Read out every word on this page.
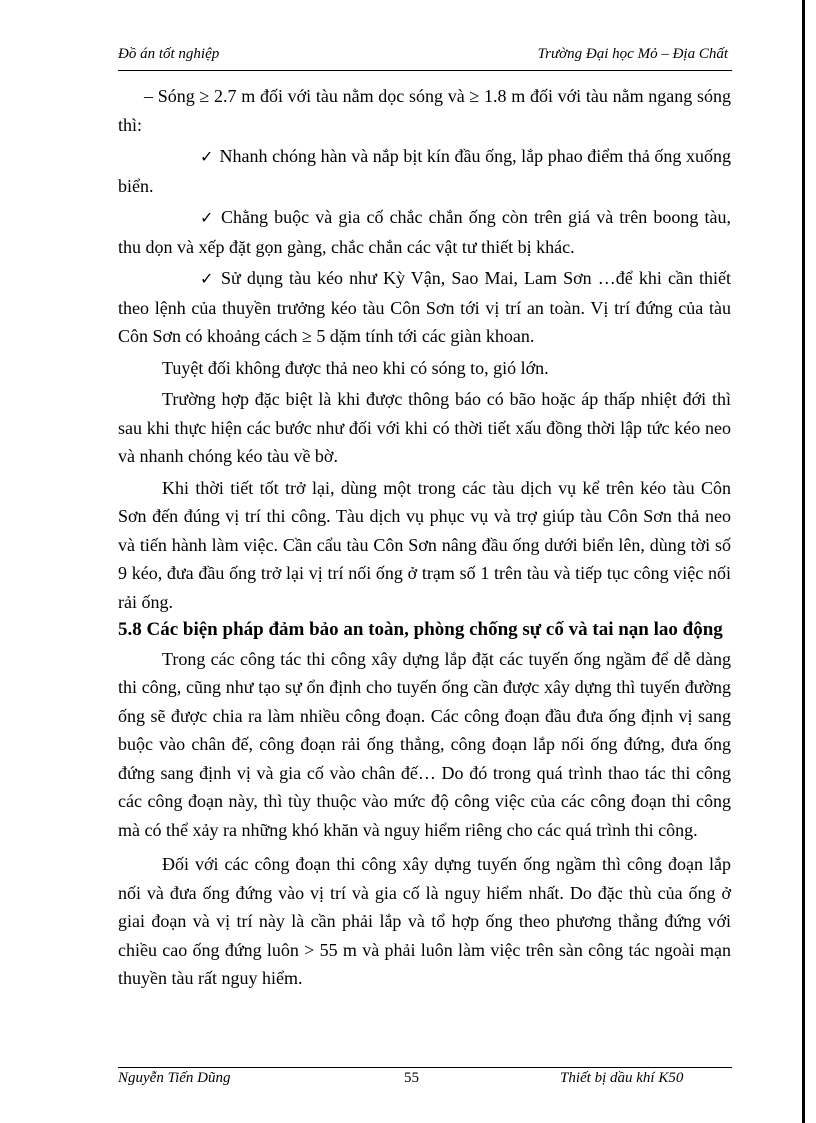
Đồ án tốt nghiệp	Trường Đại học Mỏ – Địa Chất

– Sóng ≥ 2.7 m đối với tàu nằm dọc sóng và ≥ 1.8 m đối với tàu nằm ngang sóng thì:

✓ Nhanh chóng hàn và nắp bịt kín đầu ống, lắp phao điểm thả ống xuống biển.

✓ Chằng buộc và gia cố chắc chắn ống còn trên giá và trên boong tàu, thu dọn và xếp đặt gọn gàng, chắc chắn các vật tư thiết bị khác.

✓ Sử dụng tàu kéo như Kỳ Vận, Sao Mai, Lam Sơn …để khi cần thiết theo lệnh của thuyền trưởng kéo tàu Côn Sơn tới vị trí an toàn. Vị trí đứng của tàu Côn Sơn có khoảng cách ≥ 5 dặm tính tới các giàn khoan.

Tuyệt đối không được thả neo khi có sóng to, gió lớn.

Trường hợp đặc biệt là khi được thông báo có bão hoặc áp thấp nhiệt đới thì sau khi thực hiện các bước như đối với khi có thời tiết xấu đồng thời lập tức kéo neo và nhanh chóng kéo tàu về bờ.

Khi thời tiết tốt trở lại, dùng một trong các tàu dịch vụ kể trên kéo tàu Côn Sơn đến đúng vị trí thi công. Tàu dịch vụ phục vụ và trợ giúp tàu Côn Sơn thả neo và tiến hành làm việc. Cần cẩu tàu Côn Sơn nâng đầu ống dưới biển lên, dùng tời số 9 kéo, đưa đầu ống trở lại vị trí nối ống ở trạm số 1 trên tàu và tiếp tục công việc nối rải ống.

5.8 Các biện pháp đảm bảo an toàn, phòng chống sự cố và tai nạn lao động

Trong các công tác thi công xây dựng lắp đặt các tuyến ống ngầm để dễ dàng thi công, cũng như tạo sự ổn định cho tuyến ống cần được xây dựng thì tuyến đường ống sẽ được chia ra làm nhiều công đoạn. Các công đoạn đầu đưa ống định vị sang buộc vào chân đế, công đoạn rải ống thẳng, công đoạn lắp nối ống đứng, đưa ống đứng sang định vị và gia cố vào chân đế… Do đó trong quá trình thao tác thi công các công đoạn này, thì tùy thuộc vào mức độ công việc của các công đoạn thi công mà có thể xảy ra những khó khăn và nguy hiểm riêng cho các quá trình thi công.

Đối với các công đoạn thi công xây dựng tuyến ống ngầm thì công đoạn lắp nối và đưa ống đứng vào vị trí và gia cố là nguy hiểm nhất. Do đặc thù của ống ở giai đoạn và vị trí này là cần phải lắp và tổ hợp ống theo phương thẳng đứng với chiều cao ống đứng luôn > 55 m và phải luôn làm việc trên sàn công tác ngoài mạn thuyền tàu rất nguy hiểm.

Nguyễn Tiến Dũng	55	Thiết bị dầu khí K50
